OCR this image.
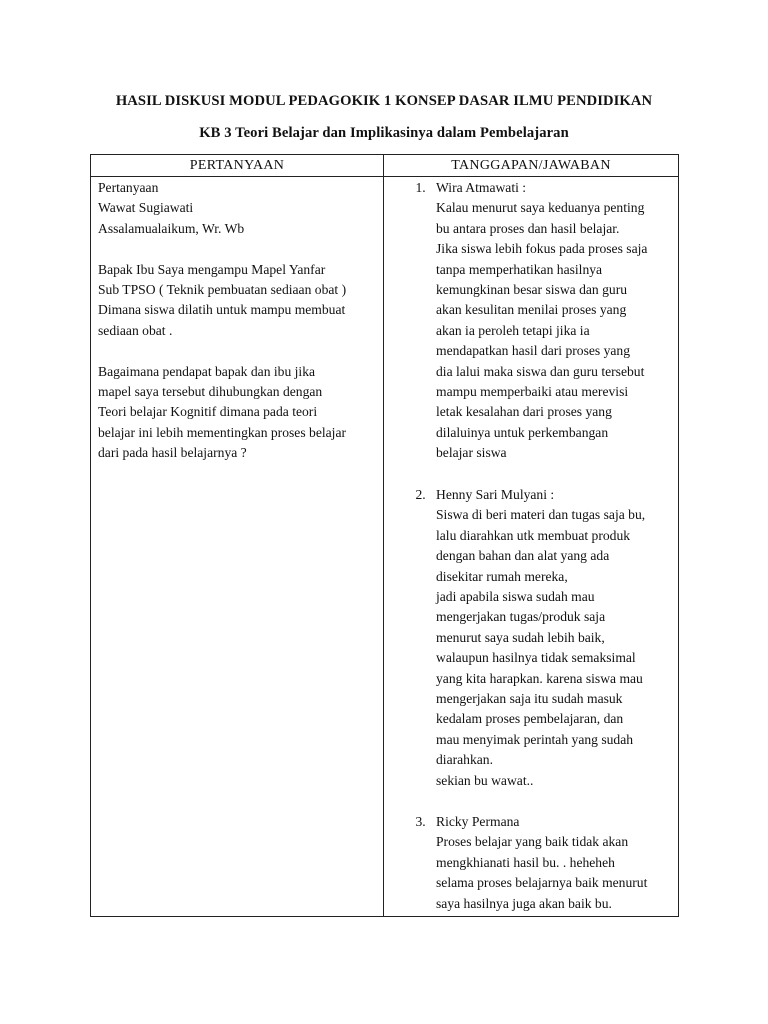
HASIL DISKUSI MODUL PEDAGOKIK 1 KONSEP DASAR ILMU PENDIDIKAN
KB 3 Teori Belajar dan Implikasinya dalam Pembelajaran
PERTANYAAN	TANGGAPAN/JAWABAN
Pertanyaan
Wawat Sugiawati
Assalamualaikum, Wr. Wb
Bapak Ibu Saya mengampu Mapel Yanfar
Sub TPSO ( Teknik pembuatan sediaan obat )
Dimana siswa dilatih untuk mampu membuat
sediaan obat .
Bagaimana pendapat bapak dan ibu jika
mapel saya tersebut dihubungkan dengan
Teori belajar Kognitif dimana pada teori
belajar ini lebih mementingkan proses belajar
dari pada hasil belajarnya ?
1. Wira Atmawati :
Kalau menurut saya keduanya penting
bu antara proses dan hasil belajar.
Jika siswa lebih fokus pada proses saja
tanpa memperhatikan hasilnya
kemungkinan besar siswa dan guru
akan kesulitan menilai proses yang
akan ia peroleh tetapi jika ia
mendapatkan hasil dari proses yang
dia lalui maka siswa dan guru tersebut
mampu memperbaiki atau merevisi
letak kesalahan dari proses yang
dilaluinya untuk perkembangan
belajar siswa
2. Henny Sari Mulyani :
Siswa di beri materi dan tugas saja bu,
lalu diarahkan utk membuat produk
dengan bahan dan alat yang ada
disekitar rumah mereka,
jadi apabila siswa sudah mau
mengerjakan tugas/produk saja
menurut saya sudah lebih baik,
walaupun hasilnya tidak semaksimal
yang kita harapkan. karena siswa mau
mengerjakan saja itu sudah masuk
kedalam proses pembelajaran, dan
mau menyimak perintah yang sudah
diarahkan.
sekian bu wawat..
3. Ricky Permana
Proses belajar yang baik tidak akan
mengkhianati hasil bu. . heheheh
selama proses belajarnya baik menurut
saya hasilnya juga akan baik bu.
